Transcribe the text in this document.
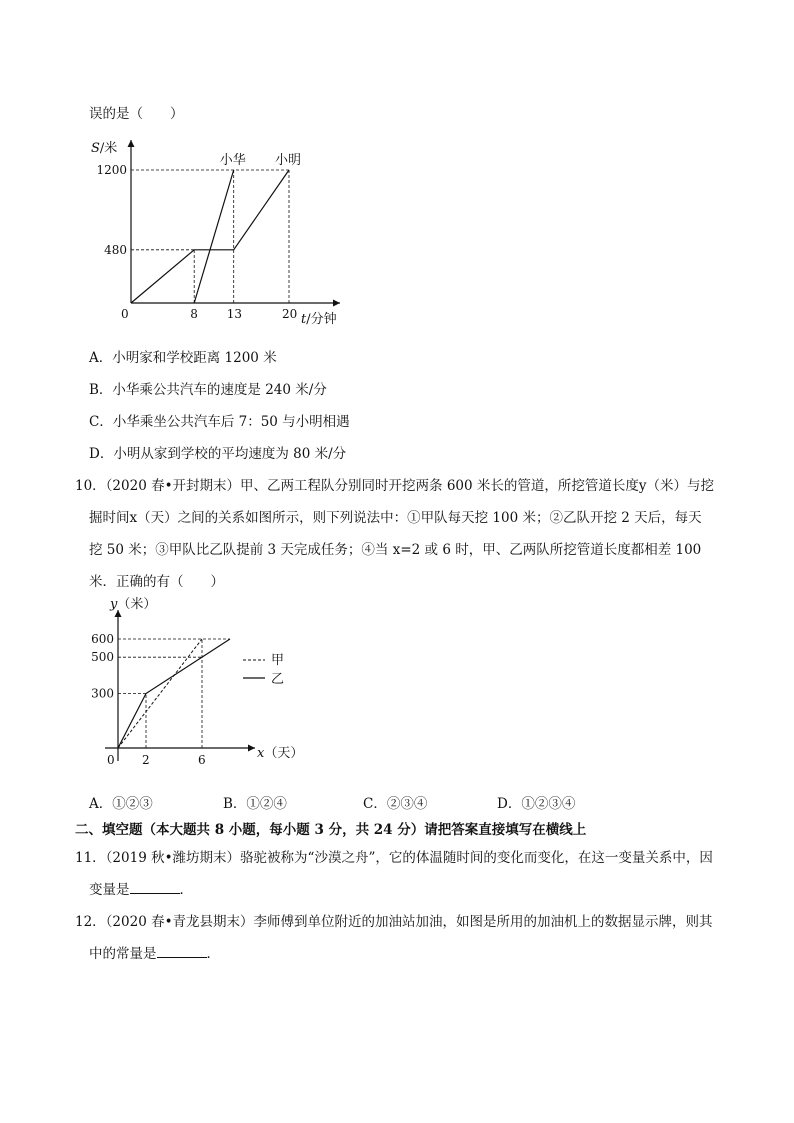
误的是（　　）
S/米
t/分钟
0
小明
小华
8 13	20
480
1200
A．小明家和学校距离 1200 米
B．小华乘公共汽车的速度是 240 米/分
C．小华乘坐公共汽车后 7：50 与小明相遇
D．小明从家到学校的平均速度为 80 米/分
10．（2020 春•开封期末）甲、乙两工程队分别同时开挖两条 600 米长的管道，所挖管道长度y（米）与挖
掘时间x（天）之间的关系如图所示，则下列说法中：①甲队每天挖 100 米；②乙队开挖 2 天后，每天
挖 50 米；③甲队比乙队提前 3 天完成任务；④当 x=2 或 6 时，甲、乙两队所挖管道长度都相差 100
米．正确的有（　　）
y（米）
x（天）
0 2	6
300
500
600
甲
乙
A．①②③	B．①②④	C．②③④	D．①②③④
二、填空题（本大题共 8 小题，每小题 3 分，共 24 分）请把答案直接填写在横线上
11．（2019 秋•潍坊期末）骆驼被称为“沙漠之舟”，它的体温随时间的变化而变化，在这一变量关系中，因
变量是	．
12．（2020 春•青龙县期末）李师傅到单位附近的加油站加油，如图是所用的加油机上的数据显示牌，则其
中的常量是	．
